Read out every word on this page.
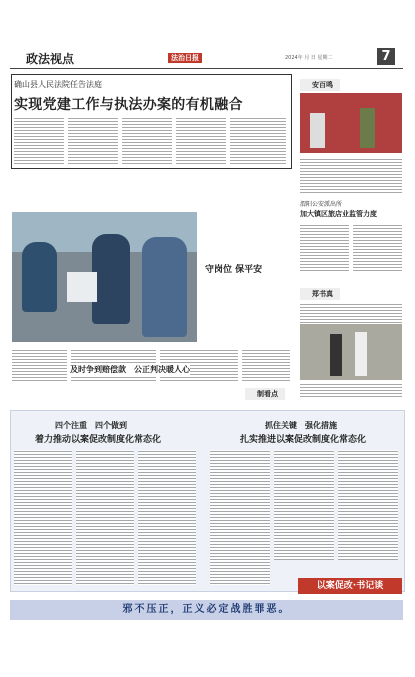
政法视点	法治日报	2024年 月 日 星期二	7
确山县人民法院任告法庭
实现党建工作与执法办案的有机融合
守岗位 保平安
及时争到赔偿款　公正判决暖人心
安百鸣
渭阳公安派出所
加大镇区旅店业监管力度
郑书真
制看点
四个注重　四个做到
着力推动以案促改制度化常态化
抓住关键　强化措施
扎实推进以案促改制度化常态化
以案促改·书记谈
邪不压正，正义必定战胜罪恶。
